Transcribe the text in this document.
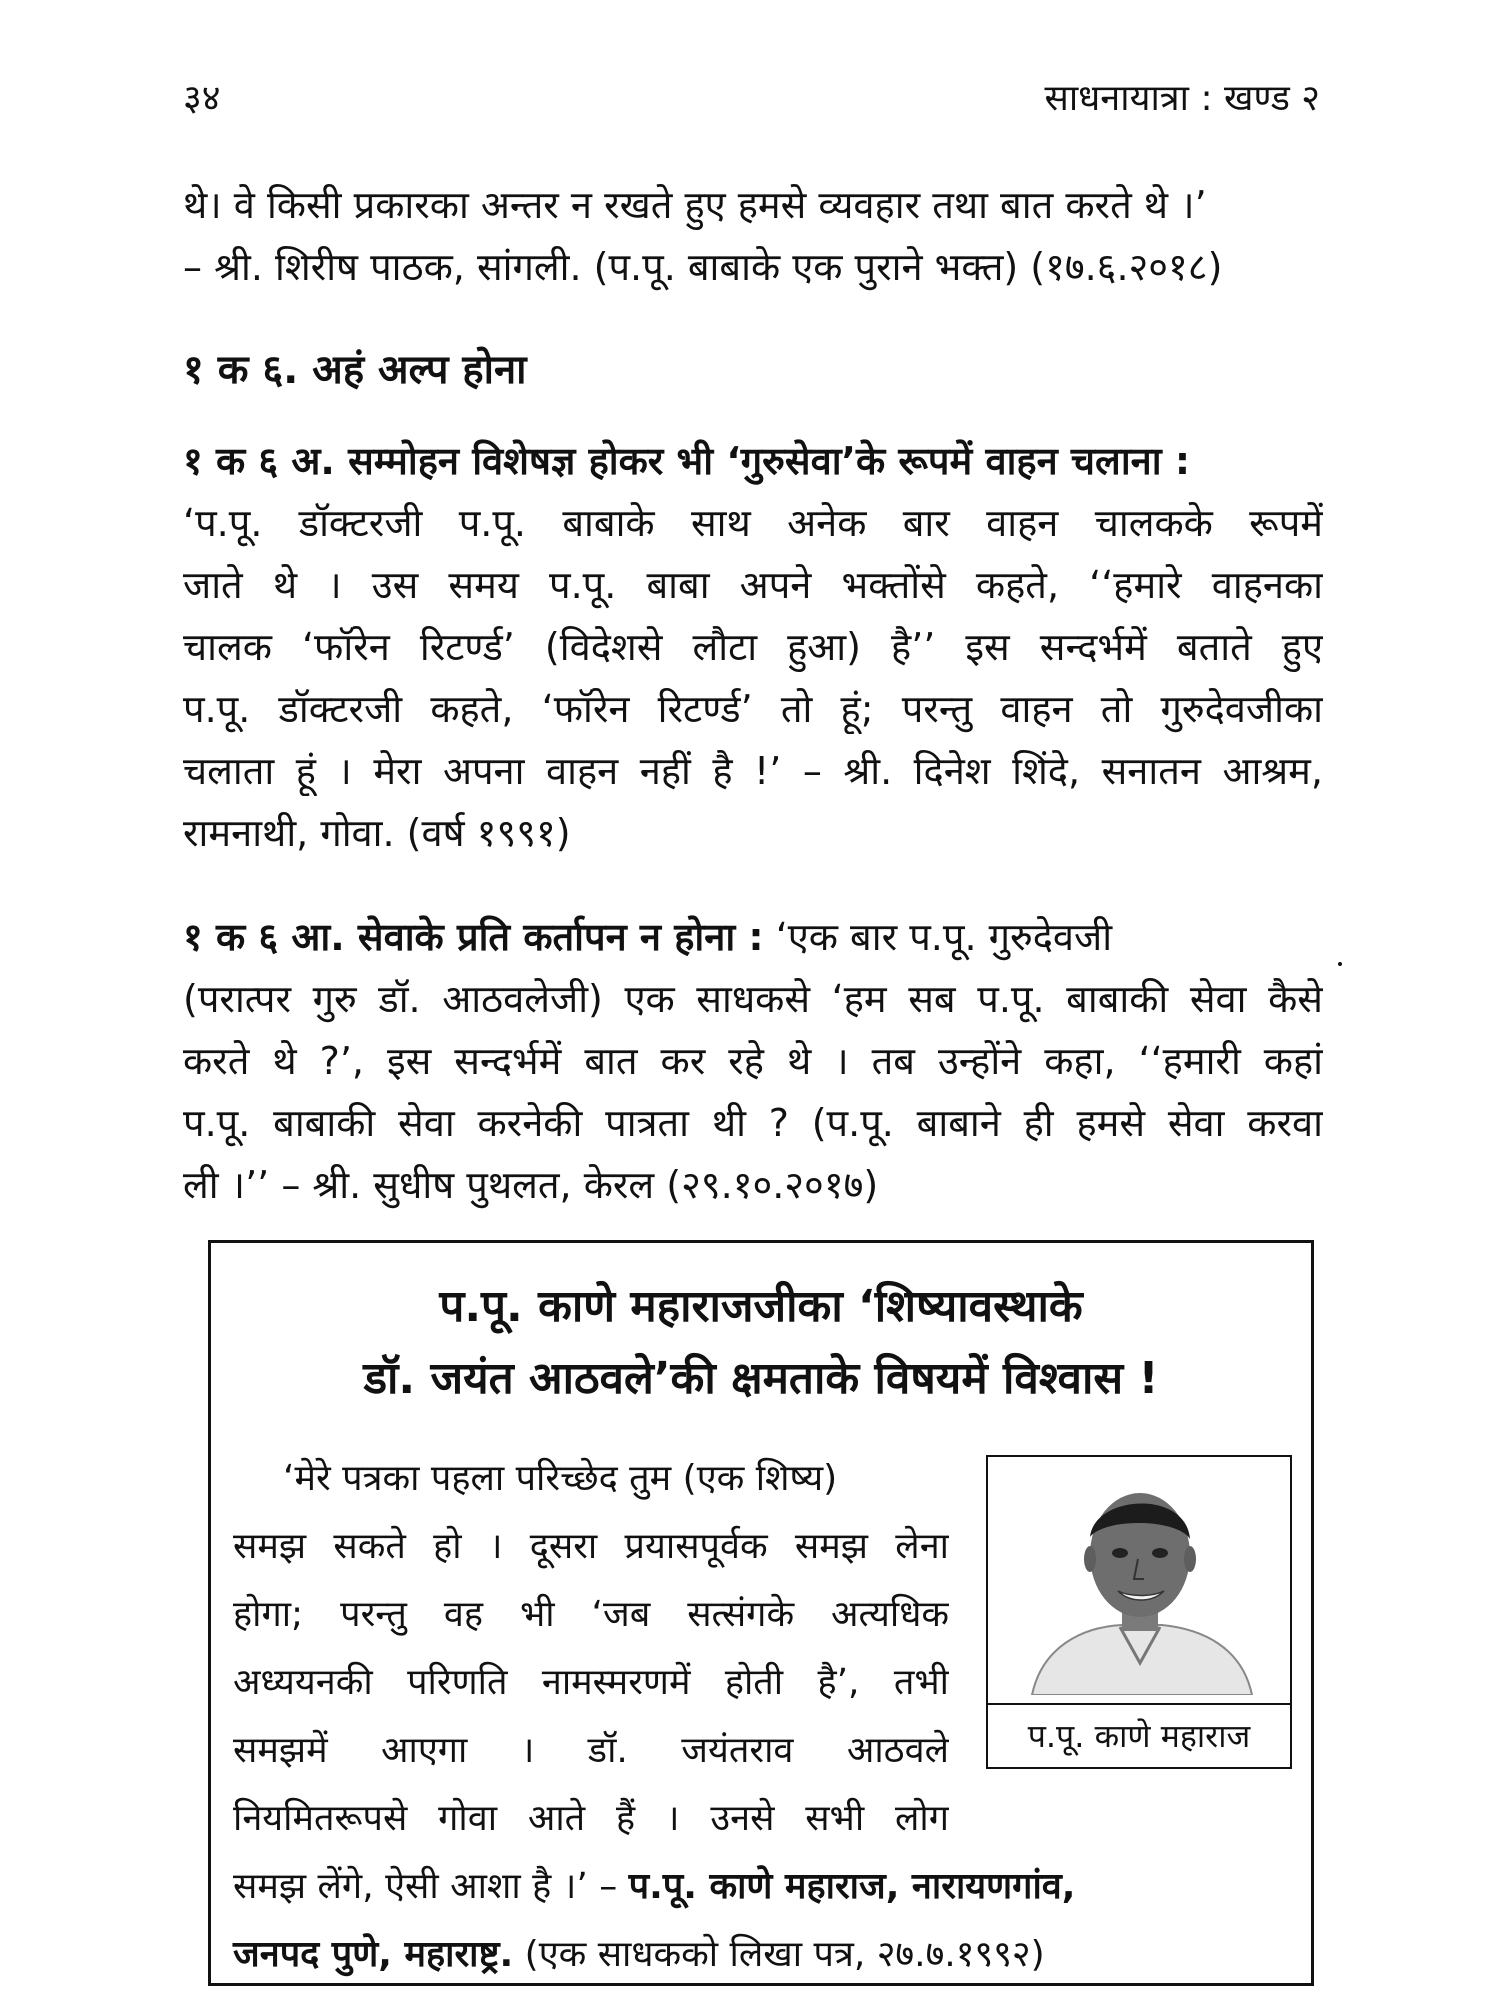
३४	साधनायात्रा : खण्ड २
थे। वे किसी प्रकारका अन्तर न रखते हुए हमसे व्यवहार तथा बात करते थे ।’
– श्री. शिरीष पाठक, सांगली. (प.पू. बाबाके एक पुराने भक्त) (१७.६.२०१८)
१ क ६. अहं अल्प होना
१ क ६ अ. सम्मोहन विशेषज्ञ होकर भी ‘गुरुसेवा’के रूपमें वाहन चलाना :
‘प.पू. डॉक्टरजी प.पू. बाबाके साथ अनेक बार वाहन चालकके रूपमें
जाते थे । उस समय प.पू. बाबा अपने भक्तोंसे कहते, ‘‘हमारे वाहनका
चालक ‘फॉरेन रिटर्ण्ड’ (विदेशसे लौटा हुआ) है’’ इस सन्दर्भमें बताते हुए
प.पू. डॉक्टरजी कहते, ‘फॉरेन रिटर्ण्ड’ तो हूं; परन्तु वाहन तो गुरुदेवजीका
चलाता हूं । मेरा अपना वाहन नहीं है !’ – श्री. दिनेश शिंदे, सनातन आश्रम,
रामनाथी, गोवा. (वर्ष १९९१)
१ क ६ आ. सेवाके प्रति कर्तापन न होना : ‘एक बार प.पू. गुरुदेवजी
(परात्पर गुरु डॉ. आठवलेजी) एक साधकसे ‘हम सब प.पू. बाबाकी सेवा कैसे
करते थे ?’, इस सन्दर्भमें बात कर रहे थे । तब उन्होंने कहा, ‘‘हमारी कहां
प.पू. बाबाकी सेवा करनेकी पात्रता थी ? (प.पू. बाबाने ही हमसे सेवा करवा
ली ।’’ – श्री. सुधीष पुथलत, केरल (२९.१०.२०१७)
प.पू. काणे महाराजजीका ‘शिष्यावस्थाके
डॉ. जयंत आठवले’की क्षमताके विषयमें विश्वास !
‘मेरे पत्रका पहला परिच्छेद तुम (एक शिष्य)
समझ सकते हो । दूसरा प्रयासपूर्वक समझ लेना
होगा; परन्तु वह भी ‘जब सत्संगके अत्यधिक
अध्ययनकी परिणति नामस्मरणमें होती है’, तभी
समझमें आएगा । डॉ. जयंतराव आठवले
नियमितरूपसे गोवा आते हैं । उनसे सभी लोग
समझ लेंगे, ऐसी आशा है ।’ – प.पू. काणे महाराज, नारायणगांव,
जनपद पुणे, महाराष्ट्र. (एक साधकको लिखा पत्र, २७.७.१९९२)
प.पू. काणे महाराज
